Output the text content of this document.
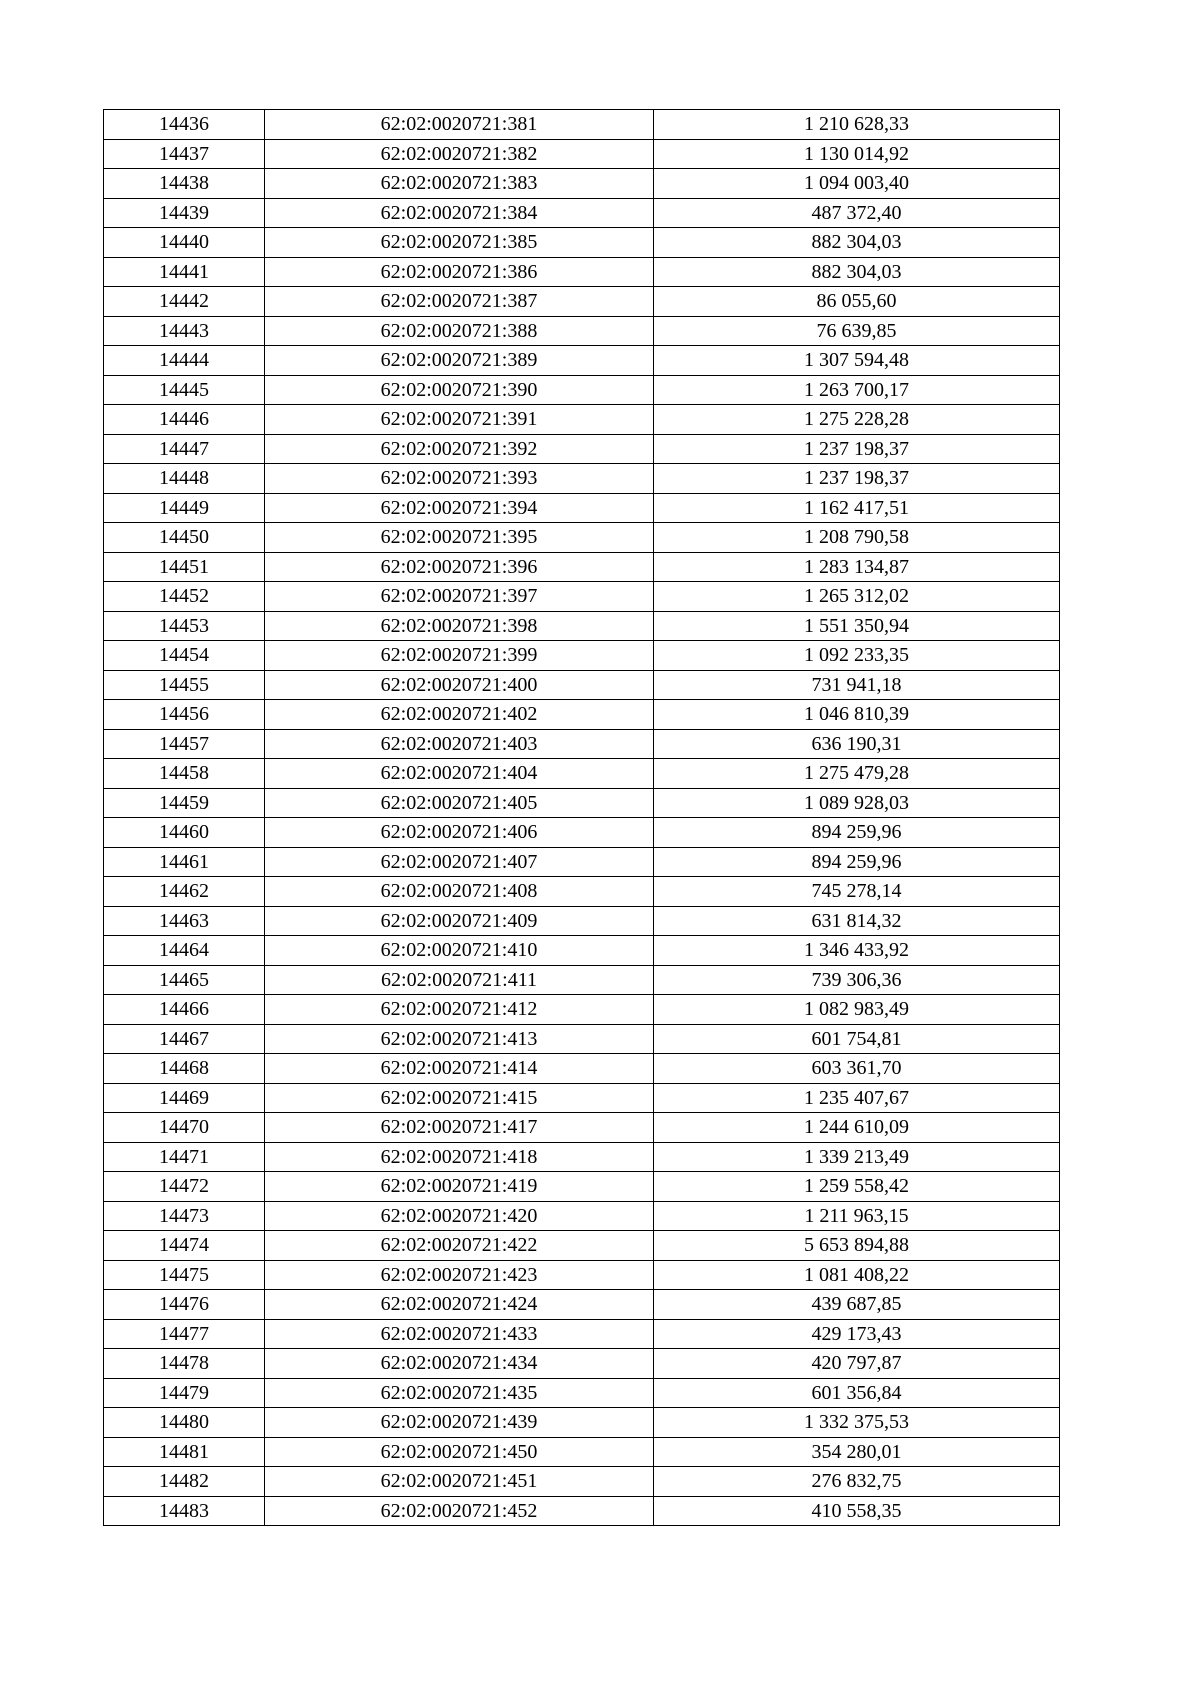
14436	62:02:0020721:381	1 210 628,33
14437	62:02:0020721:382	1 130 014,92
14438	62:02:0020721:383	1 094 003,40
14439	62:02:0020721:384	487 372,40
14440	62:02:0020721:385	882 304,03
14441	62:02:0020721:386	882 304,03
14442	62:02:0020721:387	86 055,60
14443	62:02:0020721:388	76 639,85
14444	62:02:0020721:389	1 307 594,48
14445	62:02:0020721:390	1 263 700,17
14446	62:02:0020721:391	1 275 228,28
14447	62:02:0020721:392	1 237 198,37
14448	62:02:0020721:393	1 237 198,37
14449	62:02:0020721:394	1 162 417,51
14450	62:02:0020721:395	1 208 790,58
14451	62:02:0020721:396	1 283 134,87
14452	62:02:0020721:397	1 265 312,02
14453	62:02:0020721:398	1 551 350,94
14454	62:02:0020721:399	1 092 233,35
14455	62:02:0020721:400	731 941,18
14456	62:02:0020721:402	1 046 810,39
14457	62:02:0020721:403	636 190,31
14458	62:02:0020721:404	1 275 479,28
14459	62:02:0020721:405	1 089 928,03
14460	62:02:0020721:406	894 259,96
14461	62:02:0020721:407	894 259,96
14462	62:02:0020721:408	745 278,14
14463	62:02:0020721:409	631 814,32
14464	62:02:0020721:410	1 346 433,92
14465	62:02:0020721:411	739 306,36
14466	62:02:0020721:412	1 082 983,49
14467	62:02:0020721:413	601 754,81
14468	62:02:0020721:414	603 361,70
14469	62:02:0020721:415	1 235 407,67
14470	62:02:0020721:417	1 244 610,09
14471	62:02:0020721:418	1 339 213,49
14472	62:02:0020721:419	1 259 558,42
14473	62:02:0020721:420	1 211 963,15
14474	62:02:0020721:422	5 653 894,88
14475	62:02:0020721:423	1 081 408,22
14476	62:02:0020721:424	439 687,85
14477	62:02:0020721:433	429 173,43
14478	62:02:0020721:434	420 797,87
14479	62:02:0020721:435	601 356,84
14480	62:02:0020721:439	1 332 375,53
14481	62:02:0020721:450	354 280,01
14482	62:02:0020721:451	276 832,75
14483	62:02:0020721:452	410 558,35
